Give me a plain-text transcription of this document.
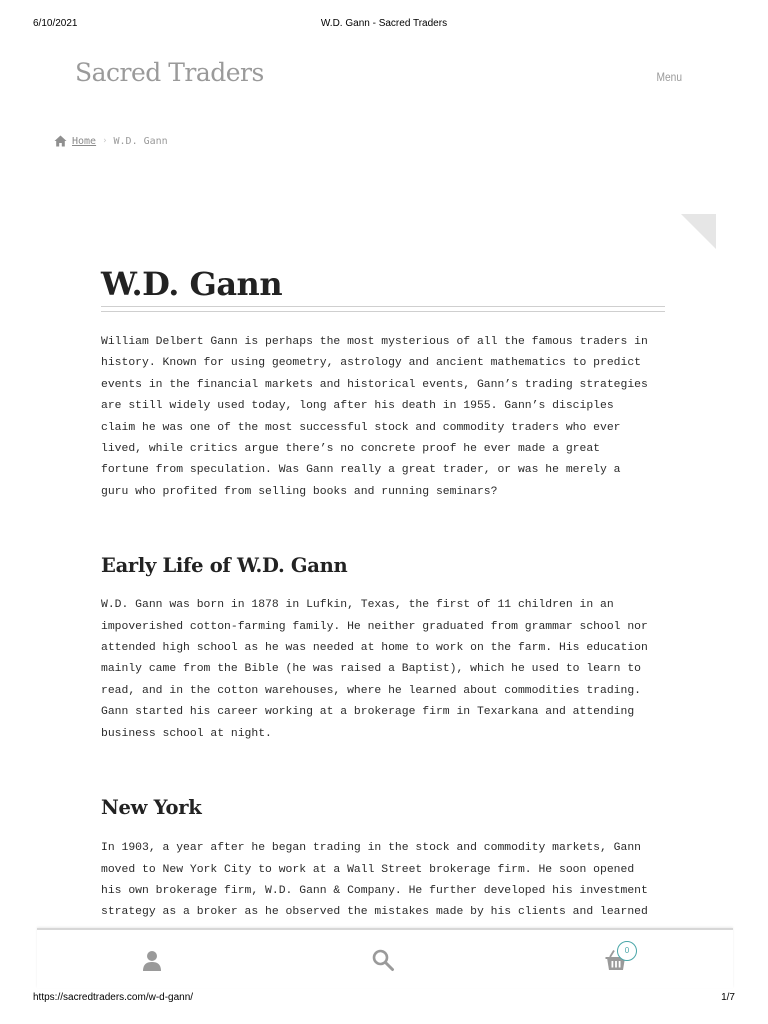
6/10/2021	W.D. Gann - Sacred Traders
Sacred Traders	Menu
Home › W.D. Gann
W.D. Gann

William Delbert Gann is perhaps the most mysterious of all the famous traders in
history. Known for using geometry, astrology and ancient mathematics to predict
events in the financial markets and historical events, Gann’s trading strategies
are still widely used today, long after his death in 1955. Gann’s disciples
claim he was one of the most successful stock and commodity traders who ever
lived, while critics argue there’s no concrete proof he ever made a great
fortune from speculation. Was Gann really a great trader, or was he merely a
guru who profited from selling books and running seminars?

Early Life of W.D. Gann

W.D. Gann was born in 1878 in Lufkin, Texas, the first of 11 children in an
impoverished cotton-farming family. He neither graduated from grammar school nor
attended high school as he was needed at home to work on the farm. His education
mainly came from the Bible (he was raised a Baptist), which he used to learn to
read, and in the cotton warehouses, where he learned about commodities trading.
Gann started his career working at a brokerage firm in Texarkana and attending
business school at night.

New York

In 1903, a year after he began trading in the stock and commodity markets, Gann
moved to New York City to work at a Wall Street brokerage firm. He soon opened
his own brokerage firm, W.D. Gann & Company. He further developed his investment
strategy as a broker as he observed the mistakes made by his clients and learned

0
https://sacredtraders.com/w-d-gann/	1/7
